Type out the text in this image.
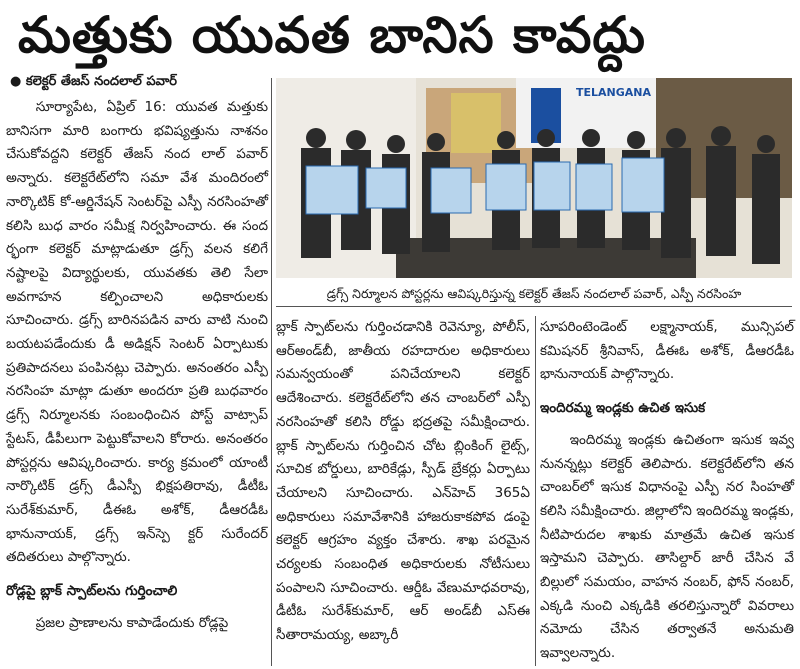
మత్తుకు యువత బానిస కావద్దు
● కలెక్టర్ తేజస్ నందలాల్ పవార్

సూర్యాపేట, ఏప్రిల్ 16: యువత మత్తుకు బానిసగా మారి బంగారు భవిష్యత్తును నాశనం చేసుకోవద్దని కలెక్టర్ తేజస్ నంద లాల్ పవార్ అన్నారు. కలెక్టరేట్‌లోని సమా వేశ మందిరంలో నార్కొటిక్ కో-ఆర్డినేషన్ సెంటర్‌పై ఎస్పీ నరసింహతో కలిసి బుధ వారం సమీక్ష నిర్వహించారు. ఈ సంద ర్భంగా కలెక్టర్ మాట్లాడుతూ డ్రగ్స్ వలన కలిగే నష్టాలపై విద్యార్థులకు, యువతకు తెలి సేలా అవగాహన కల్పించాలని అధికారులకు సూచించారు. డ్రగ్స్ బారినపడిన వారు వాటి నుంచి బయటపడేందుకు డీ అడిక్షన్ సెంటర్ ఏర్పాటుకు ప్రతిపాదనలు పంపినట్లు చెప్పారు. అనంతరం ఎస్పీ నరసింహ మాట్లా డుతూ అందరూ ప్రతి బుధవారం డ్రగ్స్ నిర్మూలనకు సంబంధించిన పోస్ట్ వాట్సాప్ స్టేటస్, డీపీలుగా పెట్టుకోవాలని కోరారు. అనంతరం పోస్టర్లను ఆవిష్కరించారు. కార్య క్రమంలో యాంటీ నార్కొటిక్ డ్రగ్స్ డీఎస్పీ భిక్షపతిరావు, డీటీఓ సురేశ్‌కుమార్, డీఈఓ అశోక్, డీఆరడీఓ భానునాయక్, డ్రగ్స్ ఇన్‌స్పె క్టర్ సురేందర్ తదితరులు పాల్గొన్నారు.

రోడ్లపై బ్లాక్ స్పాట్‌లను గుర్తించాలి

ప్రజల ప్రాణాలను కాపాడేందుకు రోడ్లపై

TELANGANA
డ్రగ్స్ నిర్మూలన పోస్టర్లను ఆవిష్కరిస్తున్న కలెక్టర్ తేజస్ నందలాల్ పవార్, ఎస్పీ నరసింహ

బ్లాక్ స్పాట్‌లను గుర్తించడానికి రెవెన్యూ, పోలీస్, ఆర్అండ్‌బీ, జాతీయ రహదారుల అధికారులు సమన్వయంతో పనిచేయాలని కలెక్టర్ ఆదేశించారు. కలెక్టరేట్‌లోని తన చాంబర్‌లో ఎస్పీ నరసింహతో కలిసి రోడ్డు భద్రతపై సమీక్షించారు. బ్లాక్ స్పాట్‌లను గుర్తించిన చోట బ్లింకింగ్ లైట్స్, సూచిక బోర్డులు, బారికేడ్లు, స్పీడ్ బ్రేకర్లు ఏర్పాటు చేయాలని సూచించారు. ఎన్‌హెచ్ 365ఏ అధికారులు సమావేశానికి హాజరుకాకపోవ డంపై కలెక్టర్ ఆగ్రహం వ్యక్తం చేశారు. శాఖ పరమైన చర్యలకు సంబంధిత అధికారులకు నోటీసులు పంపాలని సూచించారు. ఆర్డీఓ వేణుమాధవరావు, డీటీఓ సురేశ్‌కుమార్, ఆర్ అండ్‌బీ ఎస్ఈ సీతారామయ్య, అబ్కారీ

సూపరింటెండెంట్ లక్ష్మానాయక్, మున్సిపల్ కమిషనర్ శ్రీనివాస్, డీఈఓ అశోక్, డీఆరడీఓ భానునాయక్ పాల్గొన్నారు.

ఇందిరమ్మ ఇండ్లకు ఉచిత ఇసుక

ఇందిరమ్మ ఇండ్లకు ఉచితంగా ఇసుక ఇవ్వ నునన్నట్లు కలెక్టర్ తెలిపారు. కలెక్టరేట్‌లోని తన చాంబర్‌లో ఇసుక విధానంపై ఎస్పీ నర సింహతో కలిసి సమీక్షించారు. జిల్లాలోని ఇందిరమ్మ ఇండ్లకు, నీటిపారుదల శాఖకు మాత్రమే ఉచిత ఇసుక ఇస్తామని చెప్పారు. తాసిల్దార్ జారీ చేసిన వే బిల్లులో సమయం, వాహన నంబర్, ఫోన్ నంబర్, ఎక్కడి నుంచి ఎక్కడికి తరలిస్తున్నారో వివరాలు నమోదు చేసిన తర్వాతనే అనుమతి ఇవ్వాలన్నారు.
